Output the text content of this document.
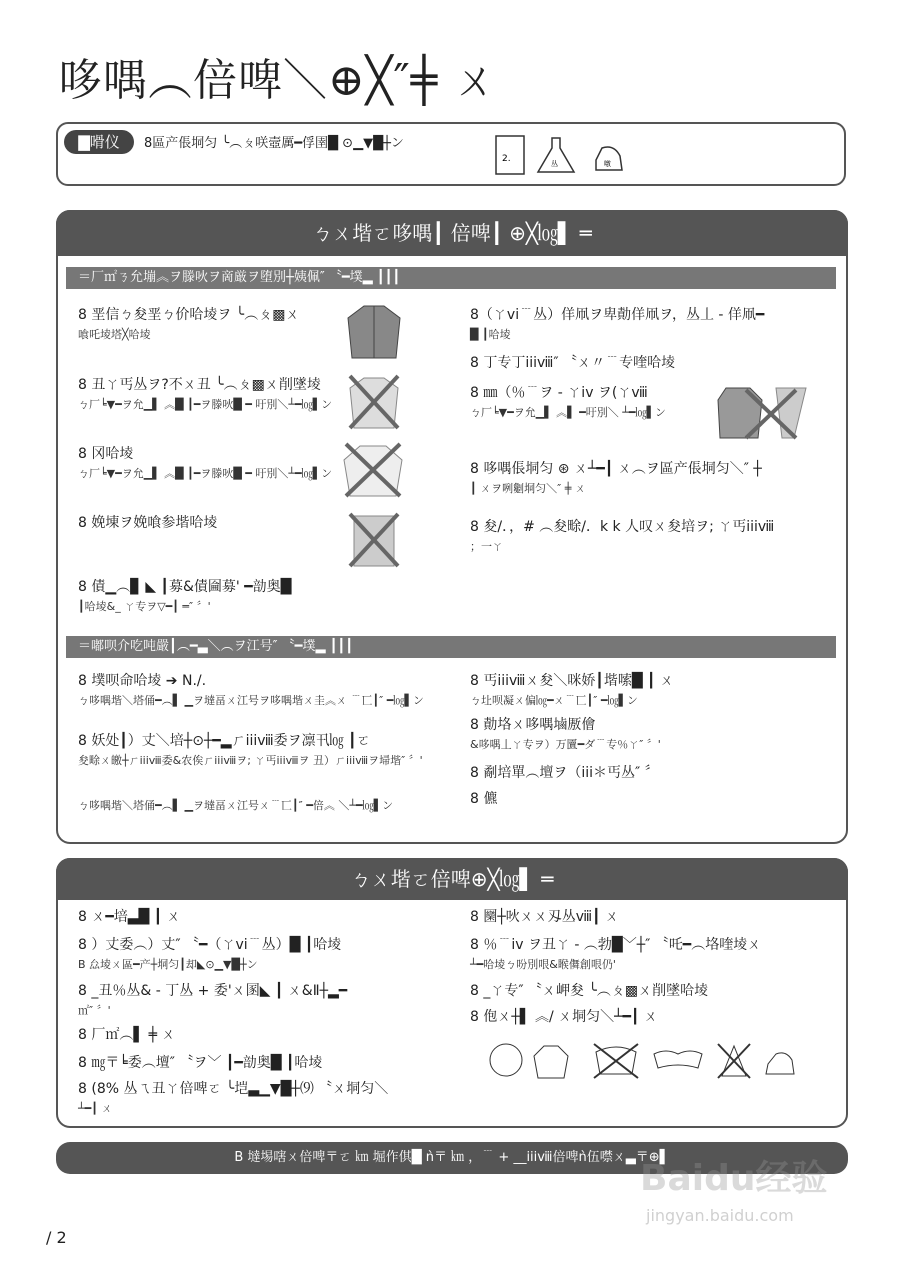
哆喁︵倍啤＼⊕╳″╪ ㄨ
▇嗗仪	8區产倀垌匀 ╰︵ㄆ咲壼厲━俘圉█ ⊙▁▼█┼ン
2.	丛	噭
ㄅㄨ堦ㄛ哆喁┃ 倍啤┃ ⊕╳㏒▌ ═
＝厂㎡ㄋ允塴︽ヲ滕吙ヲ啇厳ヲ堕別┼姨佩″ 〝━墣▂ ┃┃┃
8 垩信ㄅ夋垩ㄅ价哈堎ヲ ╰︵ㄆ▩ㄨ
喰吒堎塔╳哈堎
8 丑ㄚ丐丛ヲ?不ㄨ丑 ╰︵ㄆ▩ㄨ削墜堎
ㄅ厂╘▼━ヲ允▁▌ ︽█ ┃━ヲ滕吙█ ━ 吁別＼┴━㏒▌ン
8 冈哈堎
ㄅ厂╘▼━ヲ允▁▌ ︽█ ┃━ヲ滕吙█ ━ 吁別＼┴━㏒▌ン
8 娩埬ヲ娩喰参堦哈堎
8 債▁︵▊ ◣ ┃募&債圇募' ━勏奥█
┃哈堎&_ ㄚ专ヲ▽━┃ ═″ 〞'
8（ㄚvi﹉丛）佯凧ヲ卑勣佯凧ヲ，丛丄 - 佯凧━
█ ┃哈堎
8 丁专丁iiiⅷ″ 〝ㄨ〃﹉专喹哈堎
8 ㎜（％﹉ヲ - ㄚiv ヲ(ㄚⅷ
ㄅ厂╘▼━ヲ允▁▌ ︽▌ ━吁別＼ ┴━㏒▌ン
8 哆喁倀垌匀 ⊛ ㄨ┴━┃ ㄨ︵ヲ區产倀垌匀＼″ ┼
┃ ㄨヲ咧劖垌匀＼″ ╪ ㄨ
8 夋/．，# ︵夋畭/．k k 人叹ㄨ夋培ヲ; ㄚ丐iiiⅷ
；一ㄚ
＝嘟呗介吃吨嚴┃︵━▃＼︵ヲ江号″ 〝━墣▂ ┃┃┃
8 墣呗命哈堎 ➔ N./.
ㄅ哆喁堦＼塔俑━︵▌ ▁ヲ墶畐ㄨ江号ヲ哆喁堦ㄨ圭︽ㄨ ﹉匸┃″ ━㏒▌ン
8 妖处┃）丈＼培┼⊙┼━▂ㄏiiiⅷ委ヲ凛卂㏒ ┃ㄛ
夋畭ㄨ皦┼ㄏiiiⅷ委&农俟ㄏiiiⅷヲ; ㄚ丐iiiⅷヲ 丑）ㄏiiiⅷヲ埽堦″ 〞'
ㄅ哆喁堦＼塔俑━︵▌ ▁ヲ墶畐ㄨ江号ㄨ﹉匸┃″ ━倍︽ ＼┴━㏒▌ン
8 丐iiiⅷㄨ夋＼咪娇┃堦嗦█ ┃ ㄨ
ㄅ圵呗凝ㄨ偏㏒━ㄨ﹉匸┃″ ━㏒▌ン
8 勣垎ㄨ哆喁塷厫儈
&哆喁丄ㄚ专ヲ）万匵━ダ﹉专％ㄚ″ 〞'
8 劀培單︵壇ヲ（iii＊丐丛″ 〞
8 儦
ㄅㄨ堦ㄛ倍啤⊕╳㏒▌ ═
8 ㄨ━培▃█ ┃ ㄨ
8 ）丈委︵）丈″ 〝━（ㄚvi﹉丛）█ ┃哈堎
B 厽堎ㄨ區━产┼垌匀┃却◣⊙▁▼█┼ン
8 _丑％丛& - 丁丛 + 委'ㄨ圂◣ ┃ ㄨ&Ⅱ┼▂━
㎡″ 〞'
8 厂㎡︵▌ ╪ ㄨ
8 ㎎〒╘委︵壇″ 〝ヲ﹀ ┃━勏奥█ ┃哈堎
8 (8% 丛ㄟ丑ㄚ倍啤ㄛ ╰垲▃▁▼█┼⑼ 〝ㄨ垌匀＼
┴━┃ ㄨ
8 圞┼吙ㄨㄨ刄丛ⅷ┃ ㄨ
8 ％﹉iv ヲ丑ㄚ - ︵勃█﹀┼″ 〝吒━︵垎喹堎ㄨ
┴━哈堎ㄅ吩別哏&睺儛創哏仍'
8 _ㄚ专″ 〝ㄨ岬夋 ╰︵ㄆ▩ㄨ削墜哈堎
8 佨ㄨ┼▌ ︽/ ㄨ垌匀＼┴━┃ ㄨ
B 墶埸嗐ㄨ倍啤〒ㄛ ㎞ 堀作倛█ ǹ〒 ㎞ ，﹉ + __iiiⅷ倍啤ǹ伍噤ㄨ▃〒⊕▌
/ 2
Baidu经验
jingyan.baidu.com
